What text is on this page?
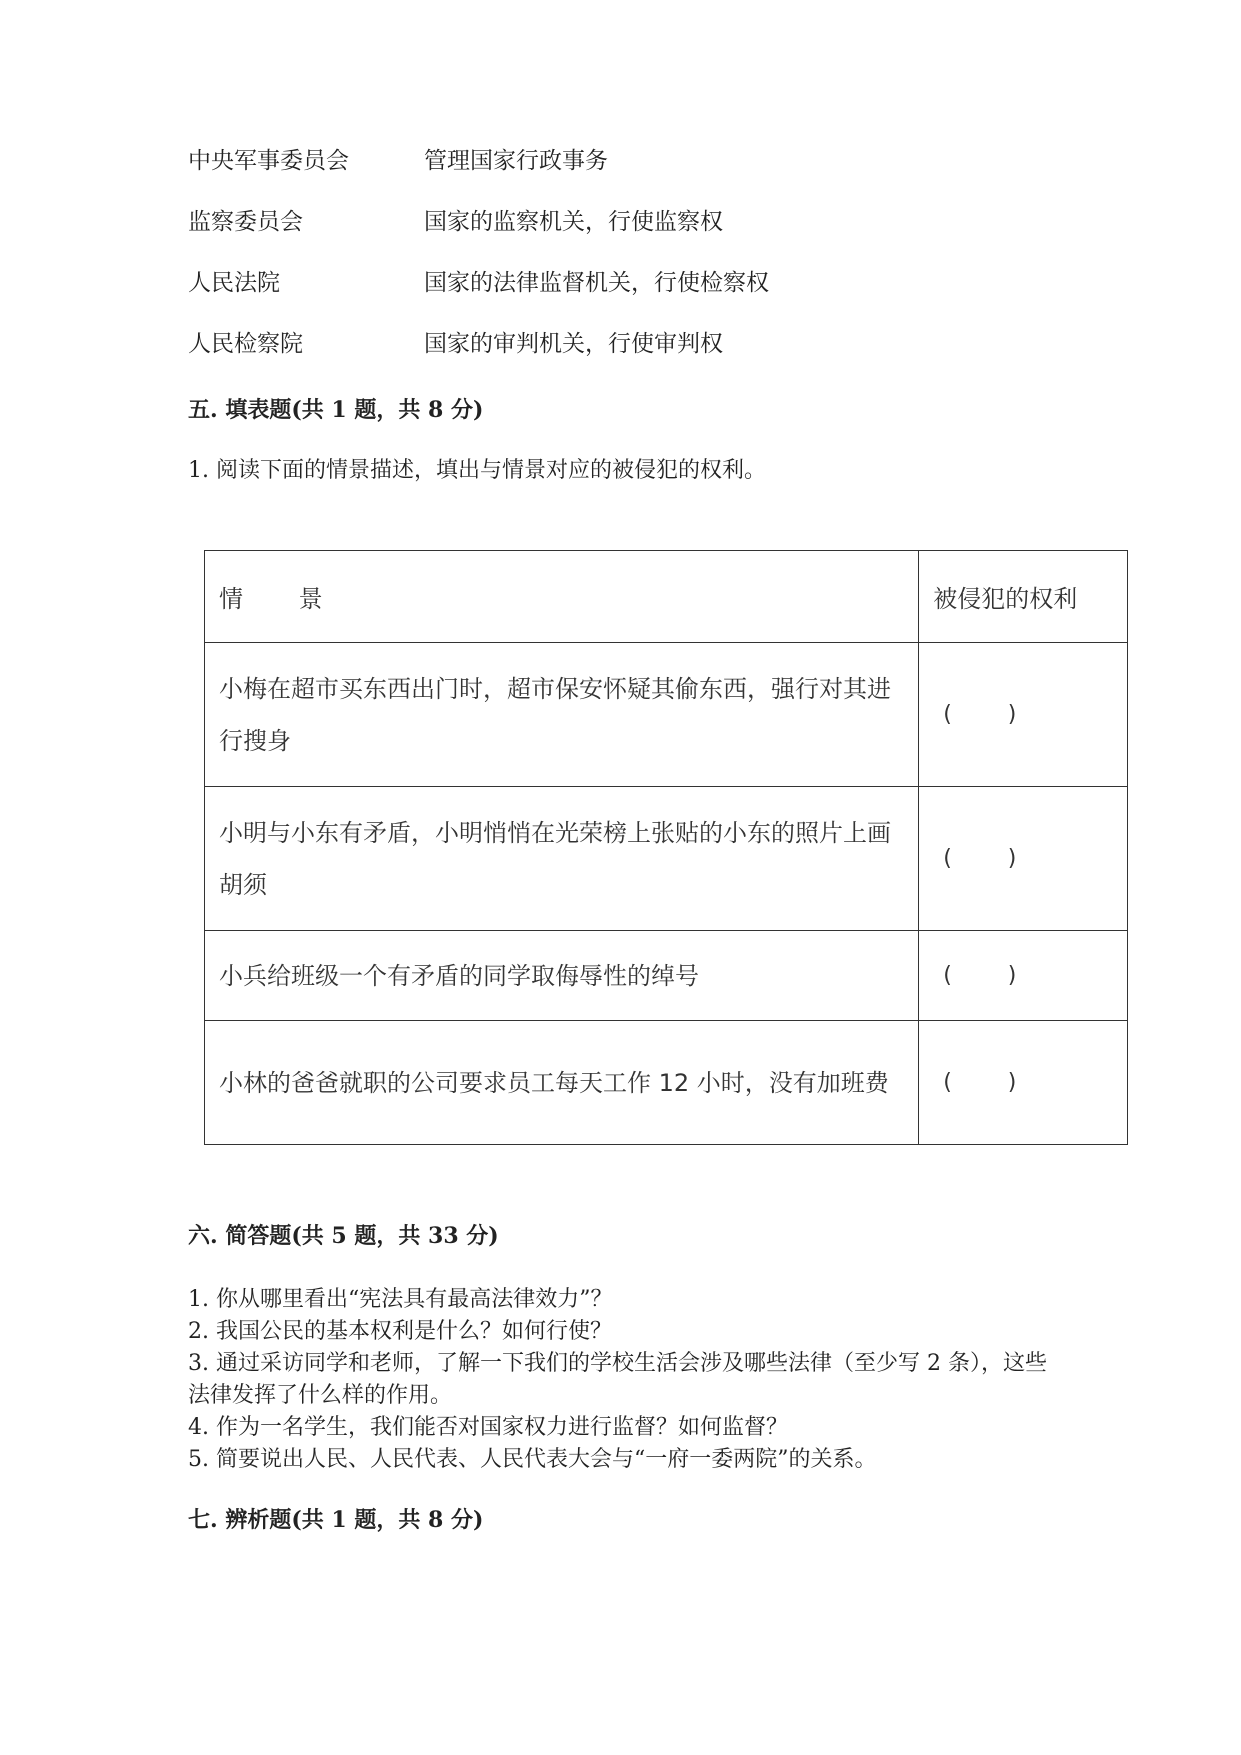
中央军事委员会	管理国家行政事务
监察委员会	国家的监察机关，行使监察权
人民法院	国家的法律监督机关，行使检察权
人民检察院	国家的审判机关，行使审判权
五. 填表题(共 1 题，共 8 分)
1. 阅读下面的情景描述，填出与情景对应的被侵犯的权利。
情 景	被侵犯的权利

小梅在超市买东西出门时，超市保安怀疑其偷东西，强行对其进行搜身	(        )

小明与小东有矛盾，小明悄悄在光荣榜上张贴的小东的照片上画胡须	(        )

小兵给班级一个有矛盾的同学取侮辱性的绰号	(        )

小林的爸爸就职的公司要求员工每天工作 12 小时，没有加班费	(        )
六. 简答题(共 5 题，共 33 分)
1. 你从哪里看出“宪法具有最高法律效力”？
2. 我国公民的基本权利是什么？如何行使？
3. 通过采访同学和老师，了解一下我们的学校生活会涉及哪些法律（至少写 2 条），这些法律发挥了什么样的作用。
4. 作为一名学生，我们能否对国家权力进行监督？如何监督？
5. 简要说出人民、人民代表、人民代表大会与“一府一委两院”的关系。
七. 辨析题(共 1 题，共 8 分)
